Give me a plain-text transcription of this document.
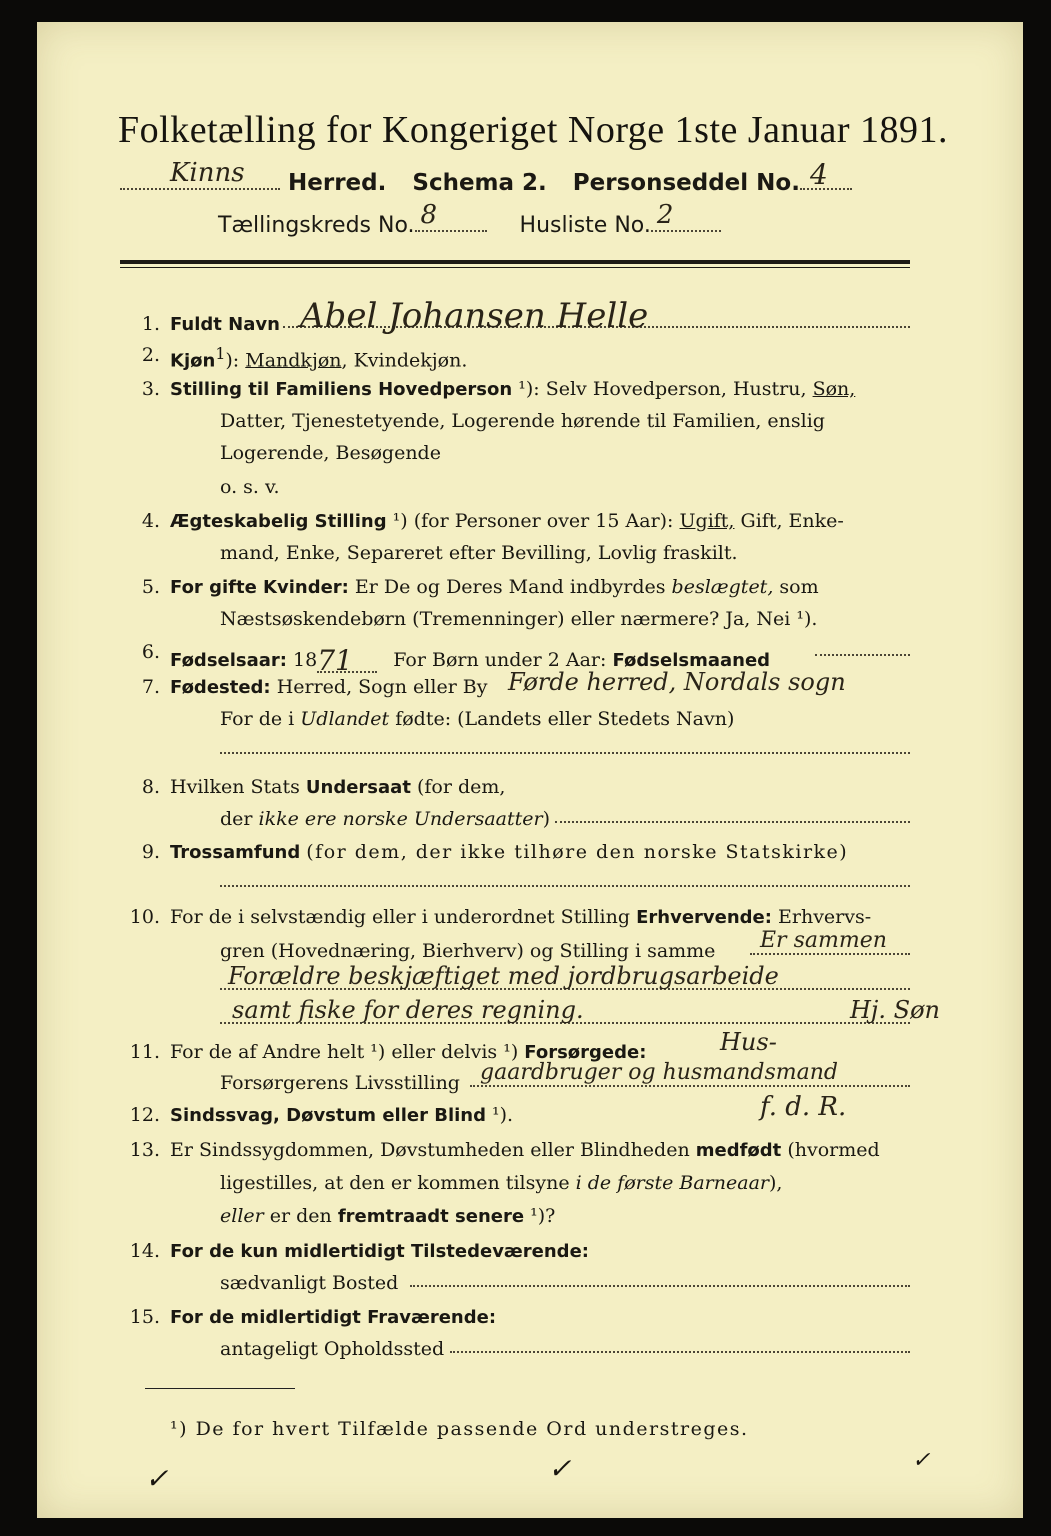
Folketælling for Kongeriget Norge 1ste Januar 1891.
Kinns Herred. Schema 2. Personseddel No. 4
Tællingskreds No. 8	Husliste No. 2
1. Fuldt Navn Abel Johansen Helle
2. Kjøn$^1$): Mandkjøn, Kvindekjøn.
3. Stilling til Familiens Hovedperson ¹): Selv Hovedperson, Hustru, Søn,
Datter, Tjenestetyende, Logerende hørende til Familien, enslig
Logerende, Besøgende
o. s. v.
4. Ægteskabelig Stilling ¹) (for Personer over 15 Aar): Ugift, Gift, Enke-
mand, Enke, Separeret efter Bevilling, Lovlig fraskilt.
5. For gifte Kvinder: Er De og Deres Mand indbyrdes beslægtet, som
Næstsøskendebørn (Tremenninger) eller nærmere? Ja, Nei ¹).
6. Fødselsaar: 1871 For Børn under 2 Aar: Fødselsmaaned
7. Fødested: Herred, Sogn eller By Førde herred, Nordals sogn
For de i Udlandet fødte: (Landets eller Stedets Navn)
8. Hvilken Stats Undersaat (for dem,
der ikke ere norske Undersaatter)
9. Trossamfund (for dem, der ikke tilhøre den norske Statskirke)
10. For de i selvstændig eller i underordnet Stilling Erhvervende: Erhvervs-
gren (Hovednæring, Bierhverv) og Stilling i samme Er sammen
Forældre beskjæftiget med jordbrugsarbeide
samt fiske for deres regning.	Hj. Søn
11. For de af Andre helt ¹) eller delvis ¹) Forsørgede:	Hus-
Forsørgerens Livsstilling gaardbruger og husmandsmand
12. Sindssvag, Døvstum eller Blind ¹).	f. d. R.
13. Er Sindssygdommen, Døvstumheden eller Blindheden medfødt (hvormed
ligestilles, at den er kommen tilsyne i de første Barneaar),
eller er den fremtraadt senere ¹)?
14. For de kun midlertidigt Tilstedeværende:
sædvanligt Bosted
15. For de midlertidigt Fraværende:
antageligt Opholdssted
¹) De for hvert Tilfælde passende Ord understreges.
✓	✓	✓
